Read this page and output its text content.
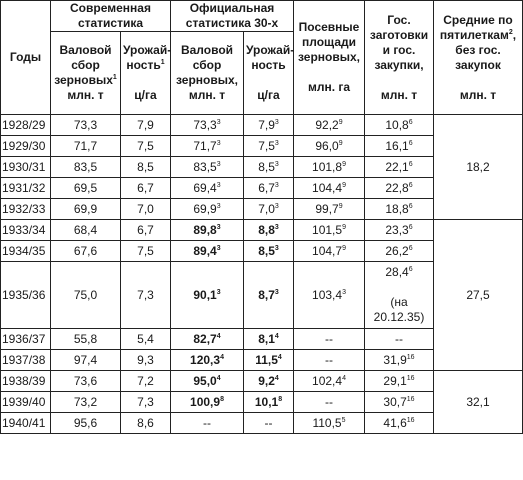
Годы	Современная статистика		Официальная статистика 30-х		Посевные площади зерновых,

млн. га	Гос. заготовки и гос. закупки,

млн. т	Средние по пятилеткам$^2$, без гос. закупок

млн. т
	Валовой сбор зерновых$^1$
млн. т	Урожай-ность$^1$

ц/га	Валовой сбор зерновых,
млн. т	Урожай-ность

ц/га			
1928/29	73,3	7,9	73,3$^3$	$7,9^3$	92,2$^9$	10,8$^6$	18,2
1929/30	71,7	7,5	71,7$^3$	$7,5^3$	96,0$^9$	16,1$^6$
1930/31	83,5	8,5	83,5$^3$	$8,5^3$	101,8$^9$	22,1$^6$
1931/32	69,5	6,7	69,4$^3$	$6,7^3$	104,4$^9$	22,8$^6$
1932/33	69,9	7,0	69,9$^3$	$7,0^3$	99,7$^9$	18,8$^6$
1933/34	68,4	6,7	89,8$^3$	$8,8^3$	101,5$^9$	23,3$^6$	27,5
1934/35	67,6	7,5	89,4$^3$	$8,5^3$	104,7$^9$	26,2$^6$
1935/36	75,0	7,3	90,1$^3$	$8,7^3$	103,4$^3$	28,4$^6$

(на 20.12.35)	
1936/37	55,8	5,4	82,7$^4$	$8,1^4$	--	--	
1937/38	97,4	9,3	120,3$^4$	11,5$^4$	--	31,9$^{16}$
1938/39	73,6	7,2	95,0$^4$	$9,2^4$	102,4$^4$	29,1$^{16}$	32,1
1939/40	73,2	7,3	100,9$^8$	10,1$^8$	--	30,7$^{16}$
1940/41	95,6	8,6	--	--	110,5$^5$	41,6$^{16}$
